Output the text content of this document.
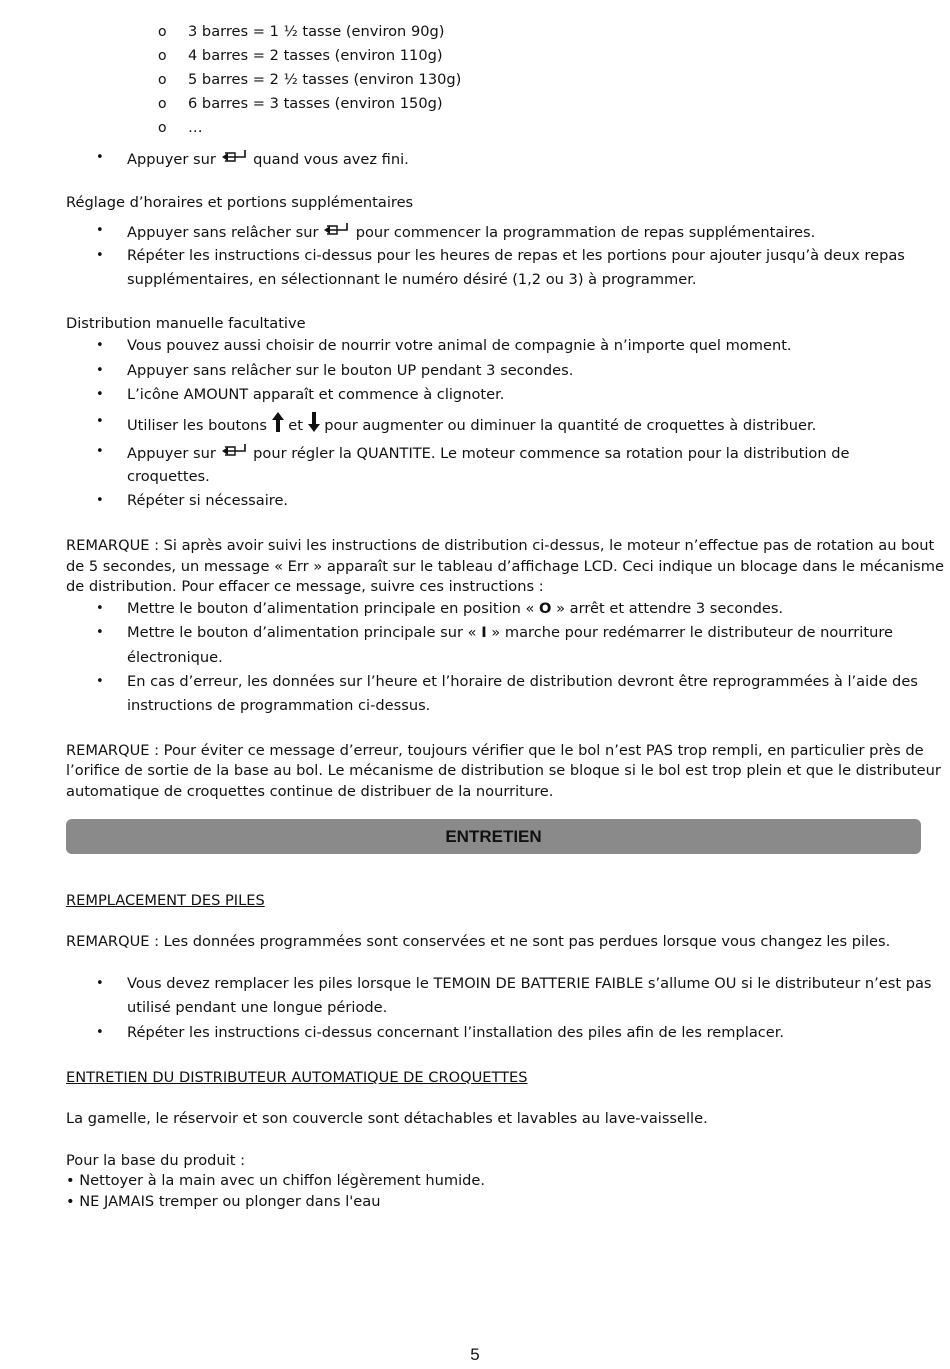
o 3 barres = 1 ½ tasse (environ 90g)
o 4 barres = 2 tasses (environ 110g)
o 5 barres = 2 ½ tasses (environ 130g)
o 6 barres = 3 tasses (environ 150g)
o …
• Appuyer sur	quand vous avez fini.
Réglage d’horaires et portions supplémentaires
• Appuyer sans relâcher sur	pour commencer la programmation de repas supplémentaires.
• Répéter les instructions ci-dessus pour les heures de repas et les portions pour ajouter jusqu’à deux repas
supplémentaires, en sélectionnant le numéro désiré (1,2 ou 3) à programmer.
Distribution manuelle facultative
• Vous pouvez aussi choisir de nourrir votre animal de compagnie à n’importe quel moment.
• Appuyer sans relâcher sur le bouton UP pendant 3 secondes.
• L’icône AMOUNT apparaît et commence à clignoter.
• Utiliser les boutons et pour augmenter ou diminuer la quantité de croquettes à distribuer.
• Appuyer sur	pour régler la QUANTITE. Le moteur commence sa rotation pour la distribution de
croquettes.
• Répéter si nécessaire.
REMARQUE : Si après avoir suivi les instructions de distribution ci-dessus, le moteur n’effectue pas de rotation au bout
de 5 secondes, un message « Err » apparaît sur le tableau d’affichage LCD. Ceci indique un blocage dans le mécanisme
de distribution. Pour effacer ce message, suivre ces instructions :
• Mettre le bouton d’alimentation principale en position « O » arrêt et attendre 3 secondes.
• Mettre le bouton d’alimentation principale sur « I » marche pour redémarrer le distributeur de nourriture
électronique.
• En cas d’erreur, les données sur l’heure et l’horaire de distribution devront être reprogrammées à l’aide des
instructions de programmation ci-dessus.
REMARQUE : Pour éviter ce message d’erreur, toujours vérifier que le bol n’est PAS trop rempli, en particulier près de
l’orifice de sortie de la base au bol. Le mécanisme de distribution se bloque si le bol est trop plein et que le distributeur
automatique de croquettes continue de distribuer de la nourriture.
ENTRETIEN
REMPLACEMENT DES PILES
REMARQUE : Les données programmées sont conservées et ne sont pas perdues lorsque vous changez les piles.
• Vous devez remplacer les piles lorsque le TEMOIN DE BATTERIE FAIBLE s’allume OU si le distributeur n’est pas
utilisé pendant une longue période.
• Répéter les instructions ci-dessus concernant l’installation des piles afin de les remplacer.
ENTRETIEN DU DISTRIBUTEUR AUTOMATIQUE DE CROQUETTES
La gamelle, le réservoir et son couvercle sont détachables et lavables au lave-vaisselle.
Pour la base du produit :
• Nettoyer à la main avec un chiffon légèrement humide.
• NE JAMAIS tremper ou plonger dans l'eau
5
